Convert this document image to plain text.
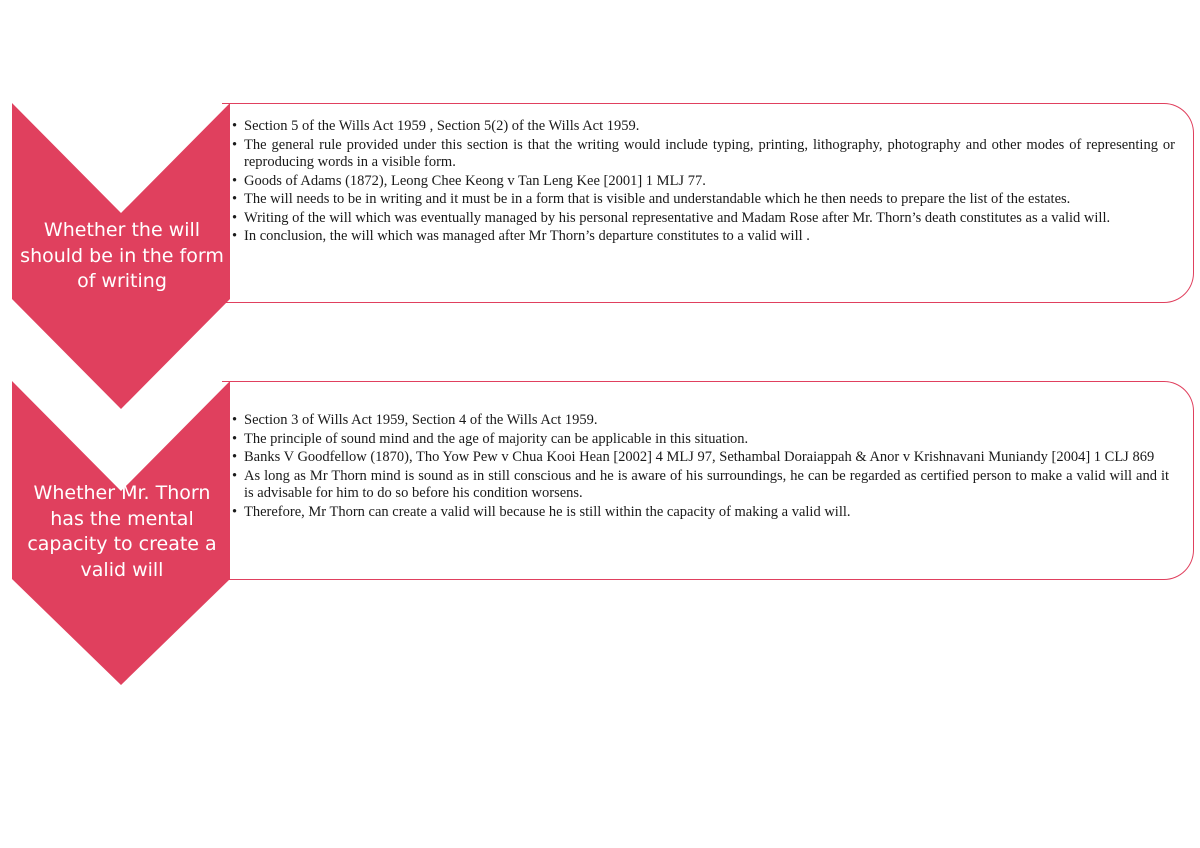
• Section 5 of the Wills Act 1959 , Section 5(2) of the Wills Act 1959.
• The general rule provided under this section is that the writing would include typing, printing, lithography, photography and other modes of representing or reproducing words in a visible form.
• Goods of Adams (1872), Leong Chee Keong v Tan Leng Kee [2001] 1 MLJ 77.
• The will needs to be in writing and it must be in a form that is visible and understandable which he then needs to prepare the list of the estates.
• Writing of the will which was eventually managed by his personal representative and Madam Rose after Mr. Thorn’s death constitutes as a valid will.
• In conclusion, the will which was managed after Mr Thorn’s departure constitutes to a valid will .
Whether the will should be in the form of writing
• Section 3 of Wills Act 1959, Section 4 of the Wills Act 1959.
• The principle of sound mind and the age of majority can be applicable in this situation.
• Banks V Goodfellow (1870), Tho Yow Pew v Chua Kooi Hean [2002] 4 MLJ 97, Sethambal Doraiappah & Anor v Krishnavani Muniandy [2004] 1 CLJ 869
• As long as Mr Thorn mind is sound as in still conscious and he is aware of his surroundings, he can be regarded as certified person to make a valid will and it is advisable for him to do so before his condition worsens.
• Therefore, Mr Thorn can create a valid will because he is still within the capacity of making a valid will.
Whether Mr. Thorn has the mental capacity to create a valid will
